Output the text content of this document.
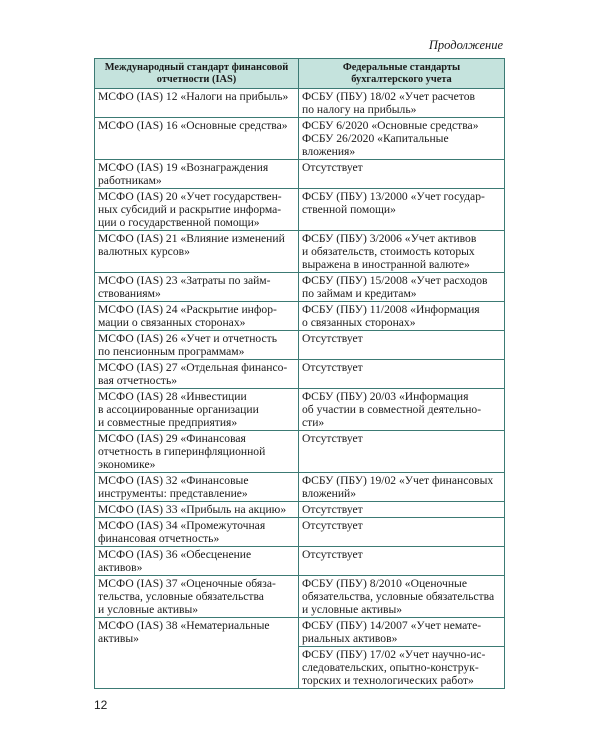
Продолжение
Международный стандарт финансовой
отчетности (IAS)	Федеральные стандарты
бухгалтерского учета

МСФО (IAS) 12 «Налоги на прибыль»	ФСБУ (ПБУ) 18/02 «Учет расчетов
по налогу на прибыль»

МСФО (IAS) 16 «Основные средства»	ФСБУ 6/2020 «Основные средства»
ФСБУ 26/2020 «Капитальные
вложения»

МСФО (IAS) 19 «Вознаграждения
работникам»	Отсутствует

МСФО (IAS) 20 «Учет государствен-
ных субсидий и раскрытие информа-
ции о государственной помощи»	ФСБУ (ПБУ) 13/2000 «Учет государ-
ственной помощи»

МСФО (IAS) 21 «Влияние изменений
валютных курсов»	ФСБУ (ПБУ) 3/2006 «Учет активов
и обязательств, стоимость которых
выражена в иностранной валюте»

МСФО (IAS) 23 «Затраты по займ-
ствованиям»	ФСБУ (ПБУ) 15/2008 «Учет расходов
по займам и кредитам»

МСФО (IAS) 24 «Раскрытие инфор-
мации о связанных сторонах»	ФСБУ (ПБУ) 11/2008 «Информация
о связанных сторонах»

МСФО (IAS) 26 «Учет и отчетность
по пенсионным программам»	Отсутствует

МСФО (IAS) 27 «Отдельная финансо-
вая отчетность»	Отсутствует

МСФО (IAS) 28 «Инвестиции
в ассоциированные организации
и совместные предприятия»	ФСБУ (ПБУ) 20/03 «Информация
об участии в совместной деятельно-
сти»

МСФО (IAS) 29 «Финансовая
отчетность в гиперинфляционной
экономике»	Отсутствует

МСФО (IAS) 32 «Финансовые
инструменты: представление»	ФСБУ (ПБУ) 19/02 «Учет финансовых
вложений»

МСФО (IAS) 33 «Прибыль на акцию»	Отсутствует

МСФО (IAS) 34 «Промежуточная
финансовая отчетность»	Отсутствует

МСФО (IAS) 36 «Обесценение
активов»	Отсутствует

МСФО (IAS) 37 «Оценочные обяза-
тельства, условные обязательства
и условные активы»	ФСБУ (ПБУ) 8/2010 «Оценочные
обязательства, условные обязательства
и условные активы»

МСФО (IAS) 38 «Нематериальные
активы»	ФСБУ (ПБУ) 14/2007 «Учет немате-
риальных активов»

	ФСБУ (ПБУ) 17/02 «Учет научно-ис-
следовательских, опытно-конструк-
торских и технологических работ»
12
